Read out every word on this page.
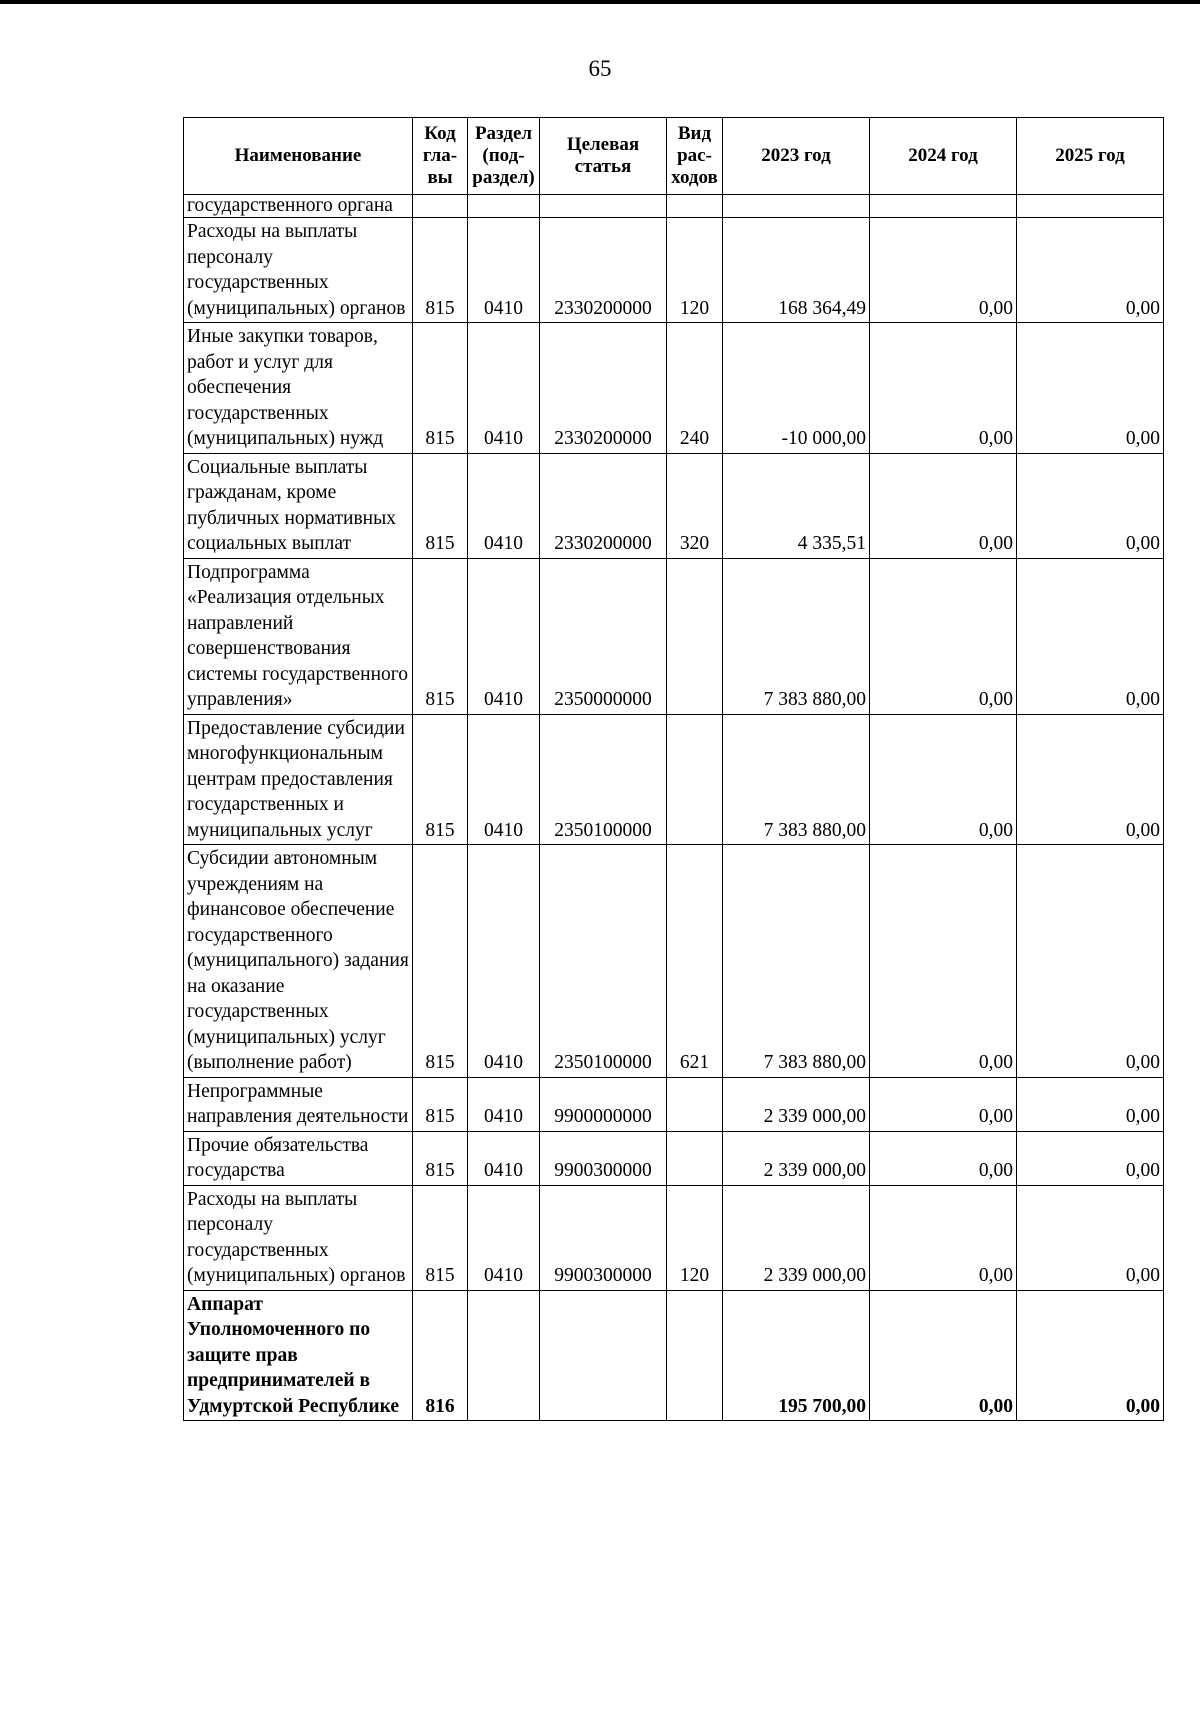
65
Наименование	Код гла- вы	Раздел (под- раздел)	Целевая статья	Вид рас- ходов	2023 год	2024 год	2025 год
государственного органа							
Расходы на выплаты персоналу государственных (муниципальных) органов	815	0410	2330200000	120	168 364,49	0,00	0,00
Иные закупки товаров, работ и услуг для обеспечения государственных (муниципальных) нужд	815	0410	2330200000	240	-10 000,00	0,00	0,00
Социальные выплаты гражданам, кроме публичных нормативных социальных выплат	815	0410	2330200000	320	4 335,51	0,00	0,00
Подпрограмма «Реализация отдельных направлений совершенствования системы государственного управления»	815	0410	2350000000		7 383 880,00	0,00	0,00
Предоставление субсидии многофункциональным центрам предоставления государственных и муниципальных услуг	815	0410	2350100000		7 383 880,00	0,00	0,00
Субсидии автономным учреждениям на финансовое обеспечение государственного (муниципального) задания на оказание государственных (муниципальных) услуг (выполнение работ)	815	0410	2350100000	621	7 383 880,00	0,00	0,00
Непрограммные направления деятельности	815	0410	9900000000		2 339 000,00	0,00	0,00
Прочие обязательства государства	815	0410	9900300000		2 339 000,00	0,00	0,00
Расходы на выплаты персоналу государственных (муниципальных) органов	815	0410	9900300000	120	2 339 000,00	0,00	0,00
Аппарат Уполномоченного по защите прав предпринимателей в Удмуртской Республике	816				195 700,00	0,00	0,00
